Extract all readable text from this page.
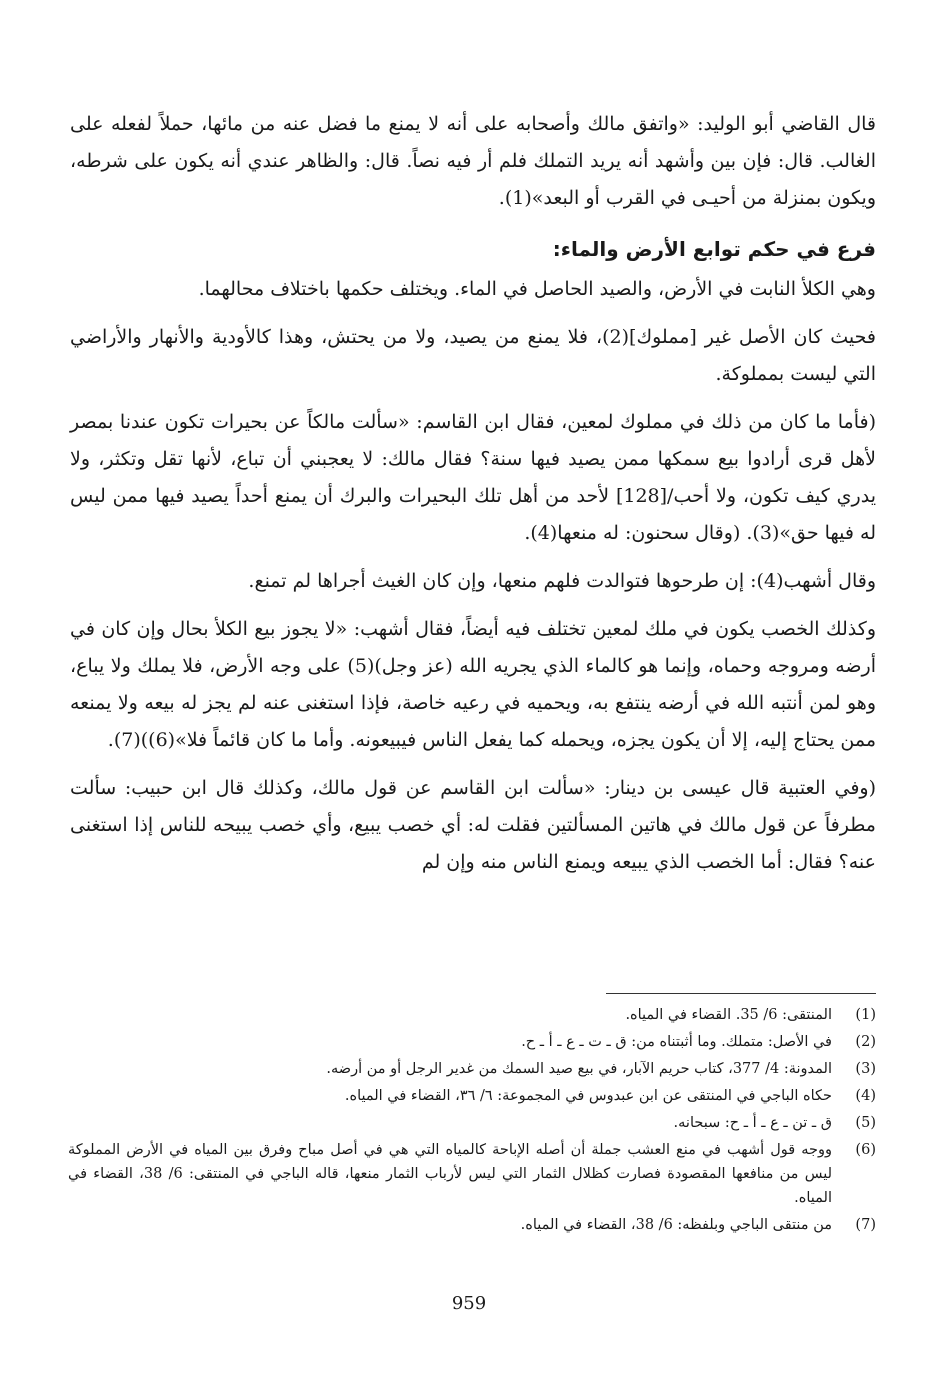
قال القاضي أبو الوليد: «واتفق مالك وأصحابه على أنه لا يمنع ما فضل عنه من مائها، حملاً لفعله على الغالب. قال: فإن بين وأشهد أنه يريد التملك فلم أر فيه نصاً. قال: والظاهر عندي أنه يكون على شرطه، ويكون بمنزلة من أحيـى في القرب أو البعد»(1).

فرع في حكم توابع الأرض والماء:

وهي الكلأ النابت في الأرض، والصيد الحاصل في الماء. ويختلف حكمها باختلاف محالهما.

فحيث كان الأصل غير [مملوك](2)، فلا يمنع من يصيد، ولا من يحتش، وهذا كالأودية والأنهار والأراضي التي ليست بمملوكة.

(فأما ما كان من ذلك في مملوك لمعين، فقال ابن القاسم: «سألت مالكاً عن بحيرات تكون عندنا بمصر لأهل قرى أرادوا بيع سمكها ممن يصيد فيها سنة؟ فقال مالك: لا يعجبني أن تباع، لأنها تقل وتكثر، ولا يدري كيف تكون، ولا أحب/[128] لأحد من أهل تلك البحيرات والبرك أن يمنع أحداً يصيد فيها ممن ليس له فيها حق»(3). (وقال سحنون: له منعها(4).

وقال أشهب(4): إن طرحوها فتوالدت فلهم منعها، وإن كان الغيث أجراها لم تمنع.

وكذلك الخصب يكون في ملك لمعين تختلف فيه أيضاً، فقال أشهب: «لا يجوز بيع الكلأ بحال وإن كان في أرضه ومروجه وحماه، وإنما هو كالماء الذي يجريه الله (عز وجل)(5) على وجه الأرض، فلا يملك ولا يباع، وهو لمن أنتبه الله في أرضه ينتفع به، ويحميه في رعيه خاصة، فإذا استغنى عنه لم يجز له بيعه ولا يمنعه ممن يحتاج إليه، إلا أن يكون يجزه، ويحمله كما يفعل الناس فيبيعونه. وأما ما كان قائماً فلا»(6))(7).

(وفي العتبية قال عيسى بن دينار: «سألت ابن القاسم عن قول مالك، وكذلك قال ابن حبيب: سألت مطرفاً عن قول مالك في هاتين المسألتين فقلت له: أي خصب يبيع، وأي خصب يبيحه للناس إذا استغنى عنه؟ فقال: أما الخصب الذي يبيعه ويمنع الناس منه وإن لم

(1)
المنتقى: 6/ 35. القضاء في المياه.
(2)
في الأصل: متملك. وما أثبتناه من: ق ـ ت ـ ع ـ أ ـ ح.
(3)
المدونة: 4/ 377، كتاب حريم الآبار، في بيع صيد السمك من غدير الرجل أو من أرضه.
(4)
حكاه الباجي في المنتقى عن ابن عبدوس في المجموعة: ٦/ ٣٦، القضاء في المياه.
(5)
ق ـ تن ـ ع ـ أ ـ ح: سبحانه.
(6)
ووجه قول أشهب في منع العشب جملة أن أصله الإباحة كالمياه التي هي في أصل مباح وفرق بين المياه في الأرض المملوكة ليس من منافعها المقصودة فصارت كظلال الثمار التي ليس لأرباب الثمار منعها، قاله الباجي في المنتقى: 6/ 38، القضاء في المياه.
(7)
من منتقى الباجي وبلفظه: 6/ 38، القضاء في المياه.
959
